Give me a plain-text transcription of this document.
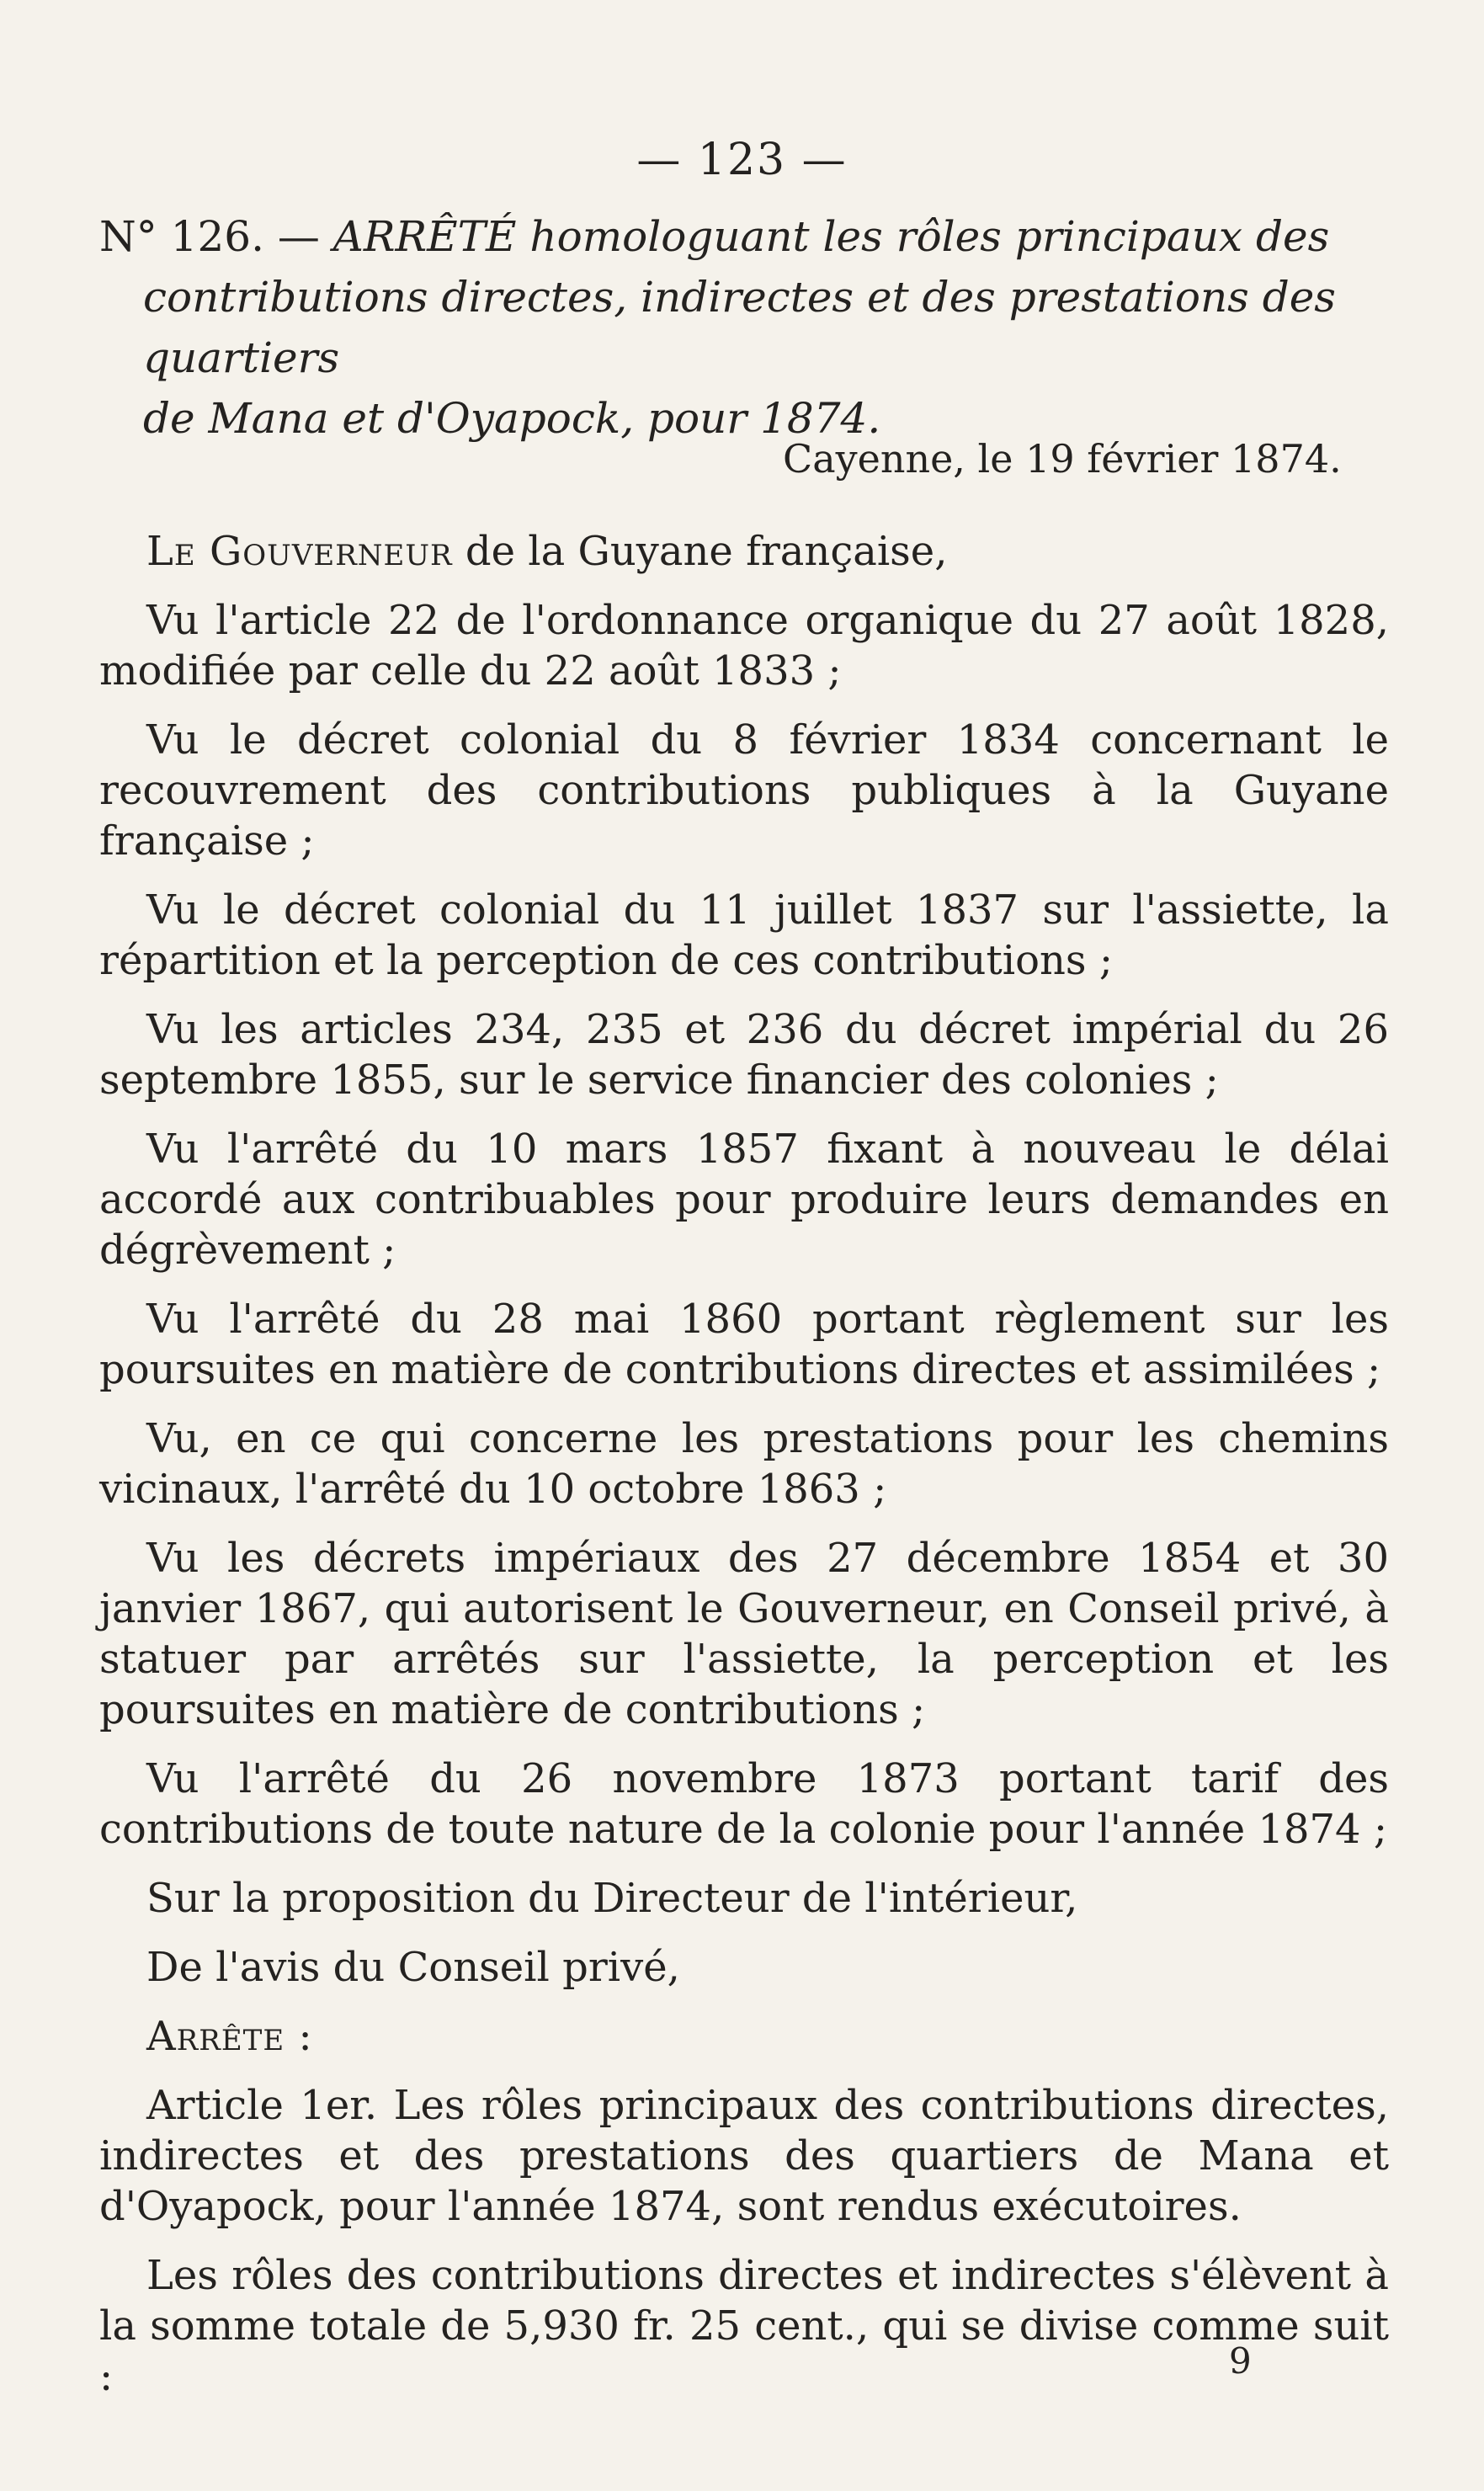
— 123 —
N° 126. — ARRÊTÉ homologuant les rôles principaux des
contributions directes, indirectes et des prestations des quartiers
de Mana et d'Oyapock, pour 1874.
Cayenne, le 19 février 1874.

Le Gouverneur de la Guyane française,

Vu l'article 22 de l'ordonnance organique du 27 août 1828, modifiée par celle du 22 août 1833 ;

Vu le décret colonial du 8 février 1834 concernant le recouvrement des contributions publiques à la Guyane française ;

Vu le décret colonial du 11 juillet 1837 sur l'assiette, la répartition et la perception de ces contributions ;

Vu les articles 234, 235 et 236 du décret impérial du 26 septembre 1855, sur le service financier des colonies ;

Vu l'arrêté du 10 mars 1857 fixant à nouveau le délai accordé aux contribuables pour produire leurs demandes en dégrèvement ;

Vu l'arrêté du 28 mai 1860 portant règlement sur les poursuites en matière de contributions directes et assimilées ;

Vu, en ce qui concerne les prestations pour les chemins vicinaux, l'arrêté du 10 octobre 1863 ;

Vu les décrets impériaux des 27 décembre 1854 et 30 janvier 1867, qui autorisent le Gouverneur, en Conseil privé, à statuer par arrêtés sur l'assiette, la perception et les poursuites en matière de contributions ;

Vu l'arrêté du 26 novembre 1873 portant tarif des contributions de toute nature de la colonie pour l'année 1874 ;

Sur la proposition du Directeur de l'intérieur,

De l'avis du Conseil privé,

Arrête :

Article 1er. Les rôles principaux des contributions directes, indirectes et des prestations des quartiers de Mana et d'Oyapock, pour l'année 1874, sont rendus exécutoires.

Les rôles des contributions directes et indirectes s'élèvent à la somme totale de 5,930 fr. 25 cent., qui se divise comme suit :	9
